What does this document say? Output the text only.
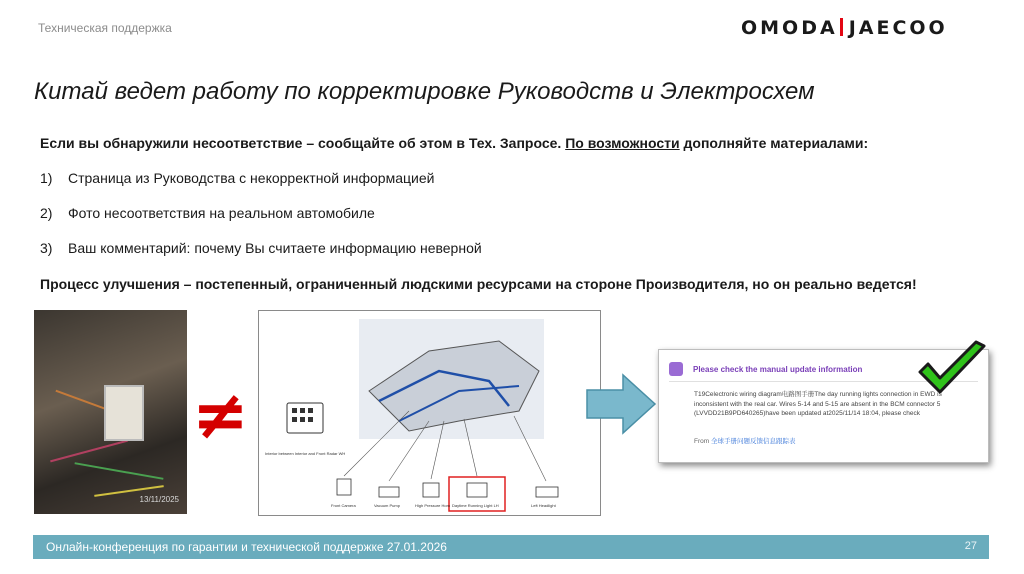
Техническая поддержка	OMODA JAECOO
Китай ведет работу по корректировке Руководств и Электросхем
Если вы обнаружили несоответствие – сообщайте об этом в Тех. Запросе. По возможности дополняйте материалами:
1) Страница из Руководства с некорректной информацией
2) Фото несоответствия на реальном автомобиле
3) Ваш комментарий: почему Вы считаете информацию неверной
Процесс улучшения – постепенный, ограниченный людскими ресурсами на стороне Производителя, но он реально ведется!
13/11/2025
≠	Interior between Interior and Front Radar WH
Front Camera	Vacuum Pump	High Pressure Horn Daytime Running Light LH	Left Headlight
Please check the manual update information
T19Celectronic wiring diagram电路图手册The day running lights connection in EWD is inconsistent with the real car. Wires 5-14 and 5-15 are absent in the BCM connector 5 (LVVDD21B9PD640265)have been updated at2025/11/14 18:04, please check
From 全球手册问题反馈信息跟踪表
Онлайн-конференция по гарантии и технической поддержке 27.01.2026	27
